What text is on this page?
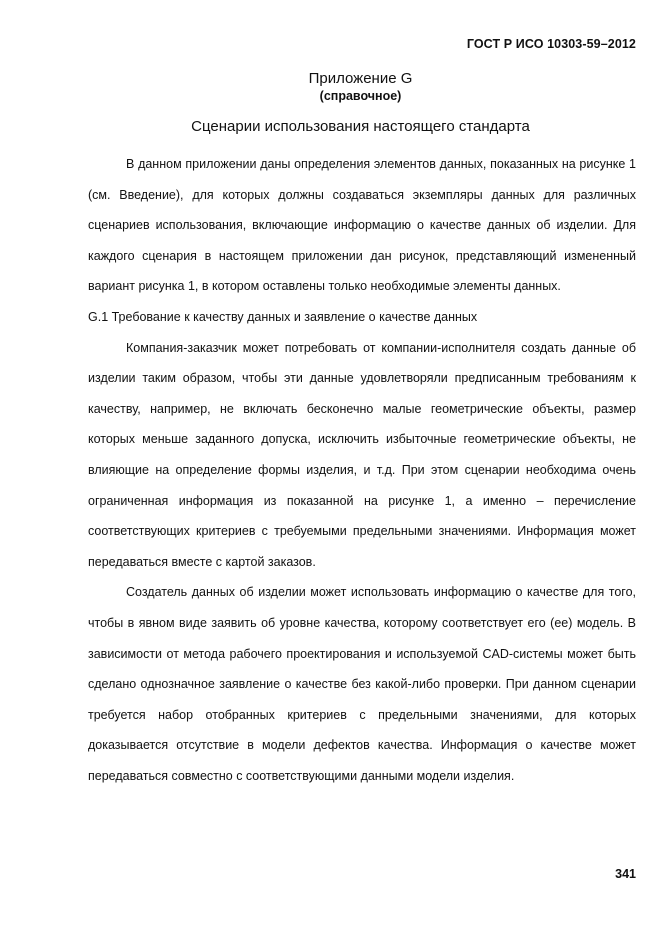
ГОСТ Р ИСО 10303-59–2012
Приложение G
(справочное)
Сценарии использования настоящего стандарта

В данном приложении даны определения элементов данных, показанных на рисунке 1 (см. Введение), для которых должны создаваться экземпляры данных для различных сценариев использования, включающие информацию о качестве данных об изделии. Для каждого сценария в настоящем приложении дан рисунок, представляющий измененный вариант рисунка 1, в котором оставлены только необходимые элементы данных.

G.1 Требование к качеству данных и заявление о качестве данных

Компания-заказчик может потребовать от компании-исполнителя создать данные об изделии таким образом, чтобы эти данные удовлетворяли предписанным требованиям к качеству, например, не включать бесконечно малые геометрические объекты, размер которых меньше заданного допуска, исключить избыточные геометрические объекты, не влияющие на определение формы изделия, и т.д. При этом сценарии необходима очень ограниченная информация из показанной на рисунке 1, а именно – перечисление соответствующих критериев с требуемыми предельными значениями. Информация может передаваться вместе с картой заказов.

Создатель данных об изделии может использовать информацию о качестве для того, чтобы в явном виде заявить об уровне качества, которому соответствует его (ее) модель. В зависимости от метода рабочего проектирования и используемой CAD-системы может быть сделано однозначное заявление о качестве без какой-либо проверки. При данном сценарии требуется набор отобранных критериев с предельными значениями, для которых доказывается отсутствие в модели дефектов качества. Информация о качестве может передаваться совместно с соответствующими данными модели изделия.

341
